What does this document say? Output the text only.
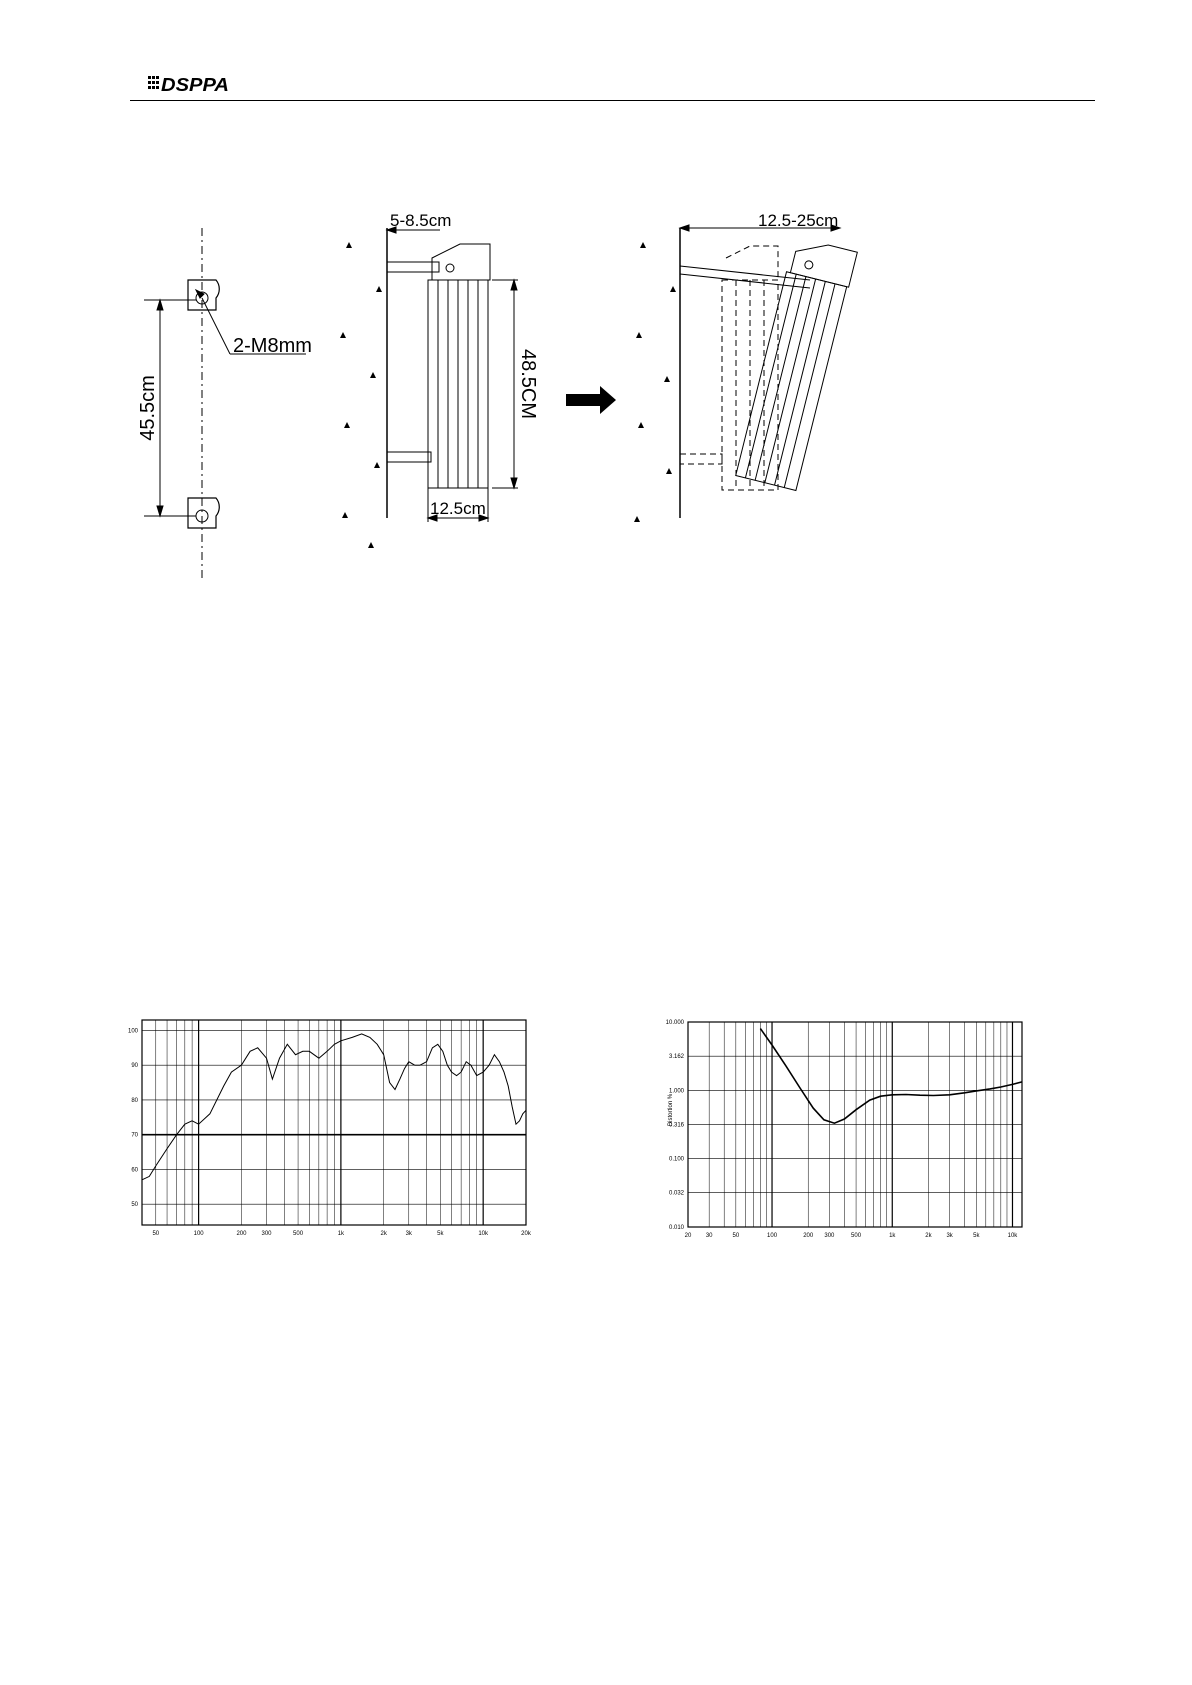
DSPPA
45.5cm
2-M8mm
5-8.5cm
48.5CM
12.5cm
12.5-25cm
50
60
70
80
90
100
50	100	200	300	500	1k	2k	3k	5k	10k	20k
10.000
3.162
1.000
0.316
0.100
0.032
0.010
20 30	50	100	200 300	500	1k	2k 3k	5k	10k
Distortion %
